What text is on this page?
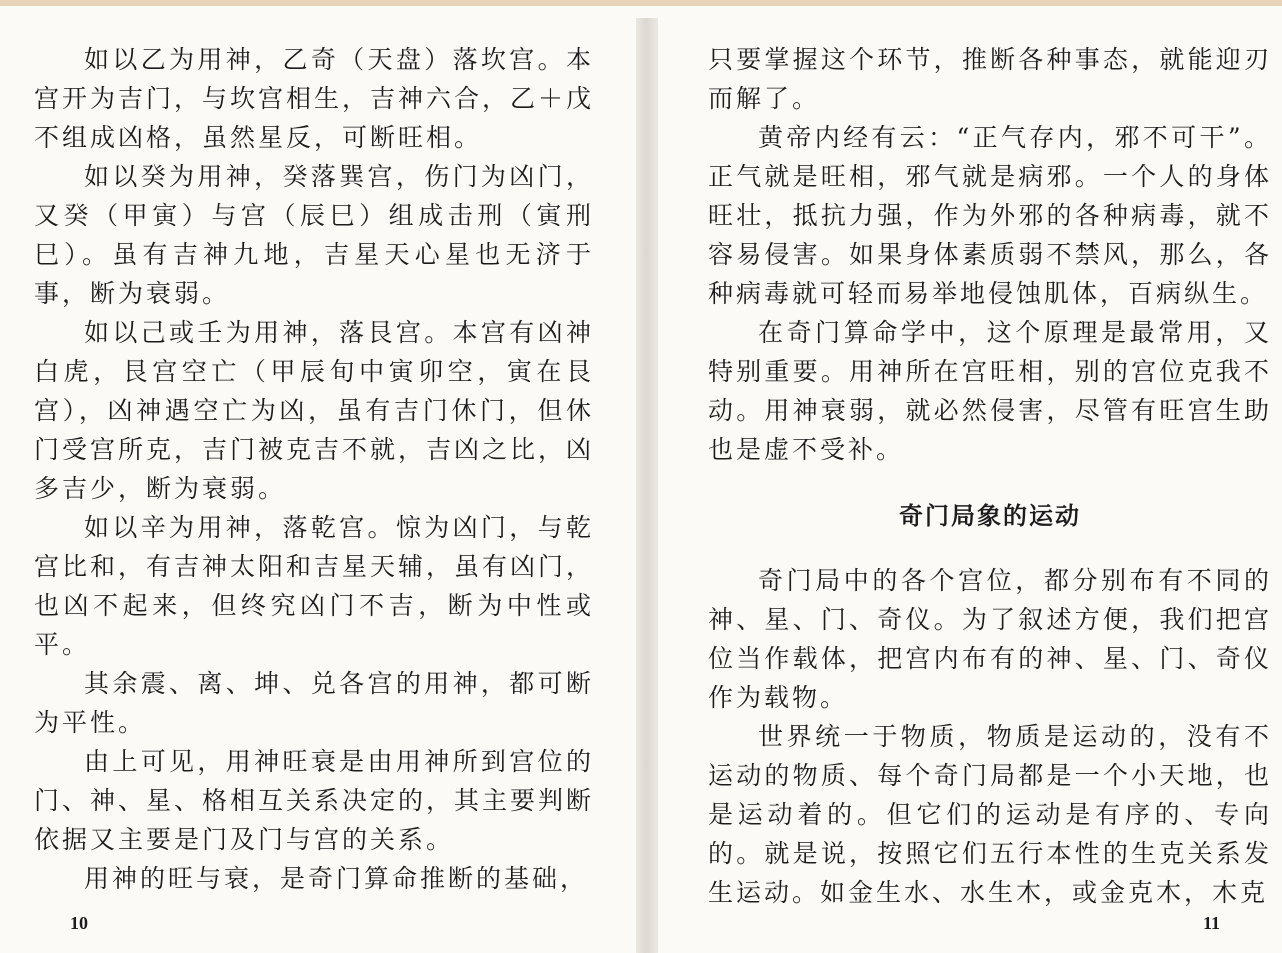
如以乙为用神，乙奇（天盘）落坎宫。本宫开为吉门，与坎宫相生，吉神六合，乙＋戊不组成凶格，虽然星反，可断旺相。

如以癸为用神，癸落巽宫，伤门为凶门，又癸（甲寅）与宫（辰巳）组成击刑（寅刑巳）。虽有吉神九地，吉星天心星也无济于事，断为衰弱。

如以己或壬为用神，落艮宫。本宫有凶神白虎，艮宫空亡（甲辰旬中寅卯空，寅在艮宫），凶神遇空亡为凶，虽有吉门休门，但休门受宫所克，吉门被克吉不就，吉凶之比，凶多吉少，断为衰弱。

如以辛为用神，落乾宫。惊为凶门，与乾宫比和，有吉神太阳和吉星天辅，虽有凶门，也凶不起来，但终究凶门不吉，断为中性或平。

其余震、离、坤、兑各宫的用神，都可断为平性。

由上可见，用神旺衰是由用神所到宫位的门、神、星、格相互关系决定的，其主要判断依据又主要是门及门与宫的关系。

用神的旺与衰，是奇门算命推断的基础，

只要掌握这个环节，推断各种事态，就能迎刃而解了。

黄帝内经有云：“正气存内，邪不可干”。正气就是旺相，邪气就是病邪。一个人的身体旺壮，抵抗力强，作为外邪的各种病毒，就不容易侵害。如果身体素质弱不禁风，那么，各种病毒就可轻而易举地侵蚀肌体，百病纵生。

在奇门算命学中，这个原理是最常用，又特别重要。用神所在宫旺相，别的宫位克我不动。用神衰弱，就必然侵害，尽管有旺宫生助也是虚不受补。

奇门局象的运动

奇门局中的各个宫位，都分别布有不同的神、星、门、奇仪。为了叙述方便，我们把宫位当作载体，把宫内布有的神、星、门、奇仪作为载物。

世界统一于物质，物质是运动的，没有不运动的物质、每个奇门局都是一个小天地，也是运动着的。但它们的运动是有序的、专向的。就是说，按照它们五行本性的生克关系发生运动。如金生水、水生木，或金克木，木克

10	11
